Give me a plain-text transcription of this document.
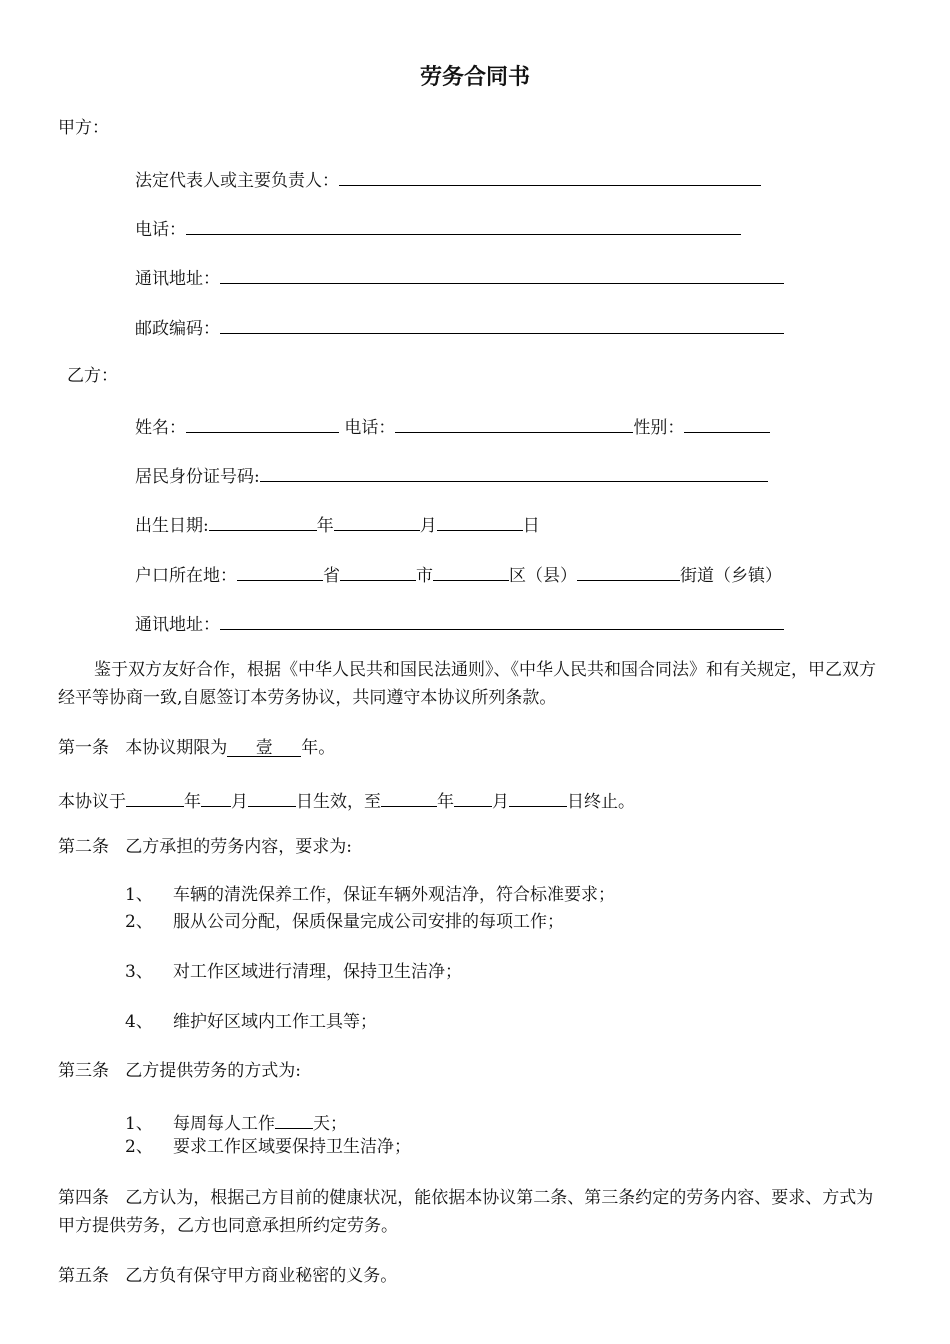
劳务合同书
甲方：
法定代表人或主要负责人：
电话：
通讯地址：
邮政编码：
乙方：
姓名：	电话：	性别：
居民身份证号码:
出生日期:	年	月	日
户口所在地：	省	市	区（县）	街道（乡镇）
通讯地址：
鉴于双方友好合作，根据《中华人民共和国民法通则》、《中华人民共和国合同法》和有关规定，甲乙双方经平等协商一致,自愿签订本劳务协议，共同遵守本协议所列条款。
第一条 本协议期限为 壹 年。
本协议于	年 月	日生效，至	年 月	日终止。
第二条 乙方承担的劳务内容，要求为:
1、 车辆的清洗保养工作，保证车辆外观洁净，符合标准要求；
2、 服从公司分配，保质保量完成公司安排的每项工作；
3、 对工作区域进行清理，保持卫生洁净；
4、 维护好区域内工作工具等；
第三条 乙方提供劳务的方式为:
1、 每周每人工作 天；
2、 要求工作区域要保持卫生洁净；
第四条 乙方认为，根据己方目前的健康状况，能依据本协议第二条、第三条约定的劳务内容、要求、方式为甲方提供劳务，乙方也同意承担所约定劳务。
第五条 乙方负有保守甲方商业秘密的义务。
